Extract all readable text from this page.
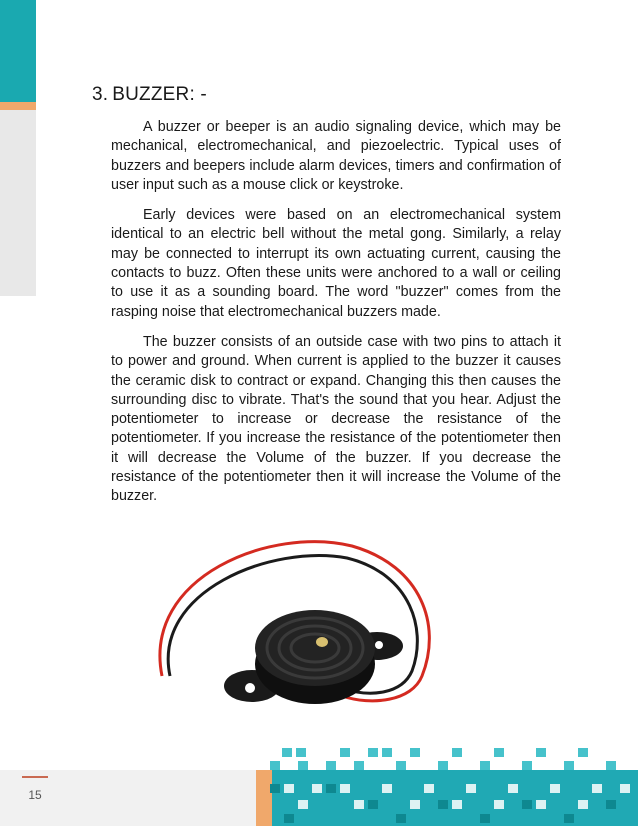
3. BUZZER: -

A buzzer or beeper is an audio signaling device, which may be mechanical, electromechanical, and piezoelectric. Typical uses of buzzers and beepers include alarm devices, timers and confirmation of user input such as a mouse click or keystroke.

Early devices were based on an electromechanical system identical to an electric bell without the metal gong. Similarly, a relay may be connected to interrupt its own actuating current, causing the contacts to buzz. Often these units were anchored to a wall or ceiling to use it as a sounding board. The word "buzzer" comes from the rasping noise that electromechanical buzzers made.

The buzzer consists of an outside case with two pins to attach it to power and ground. When current is applied to the buzzer it causes the ceramic disk to contract or expand. Changing this then causes the surrounding disc to vibrate. That's the sound that you hear. Adjust the potentiometer to increase or decrease the resistance of the potentiometer. If you increase the resistance of the potentiometer then it will decrease the Volume of the buzzer. If you decrease the resistance of the potentiometer then it will increase the Volume of the buzzer.

15
